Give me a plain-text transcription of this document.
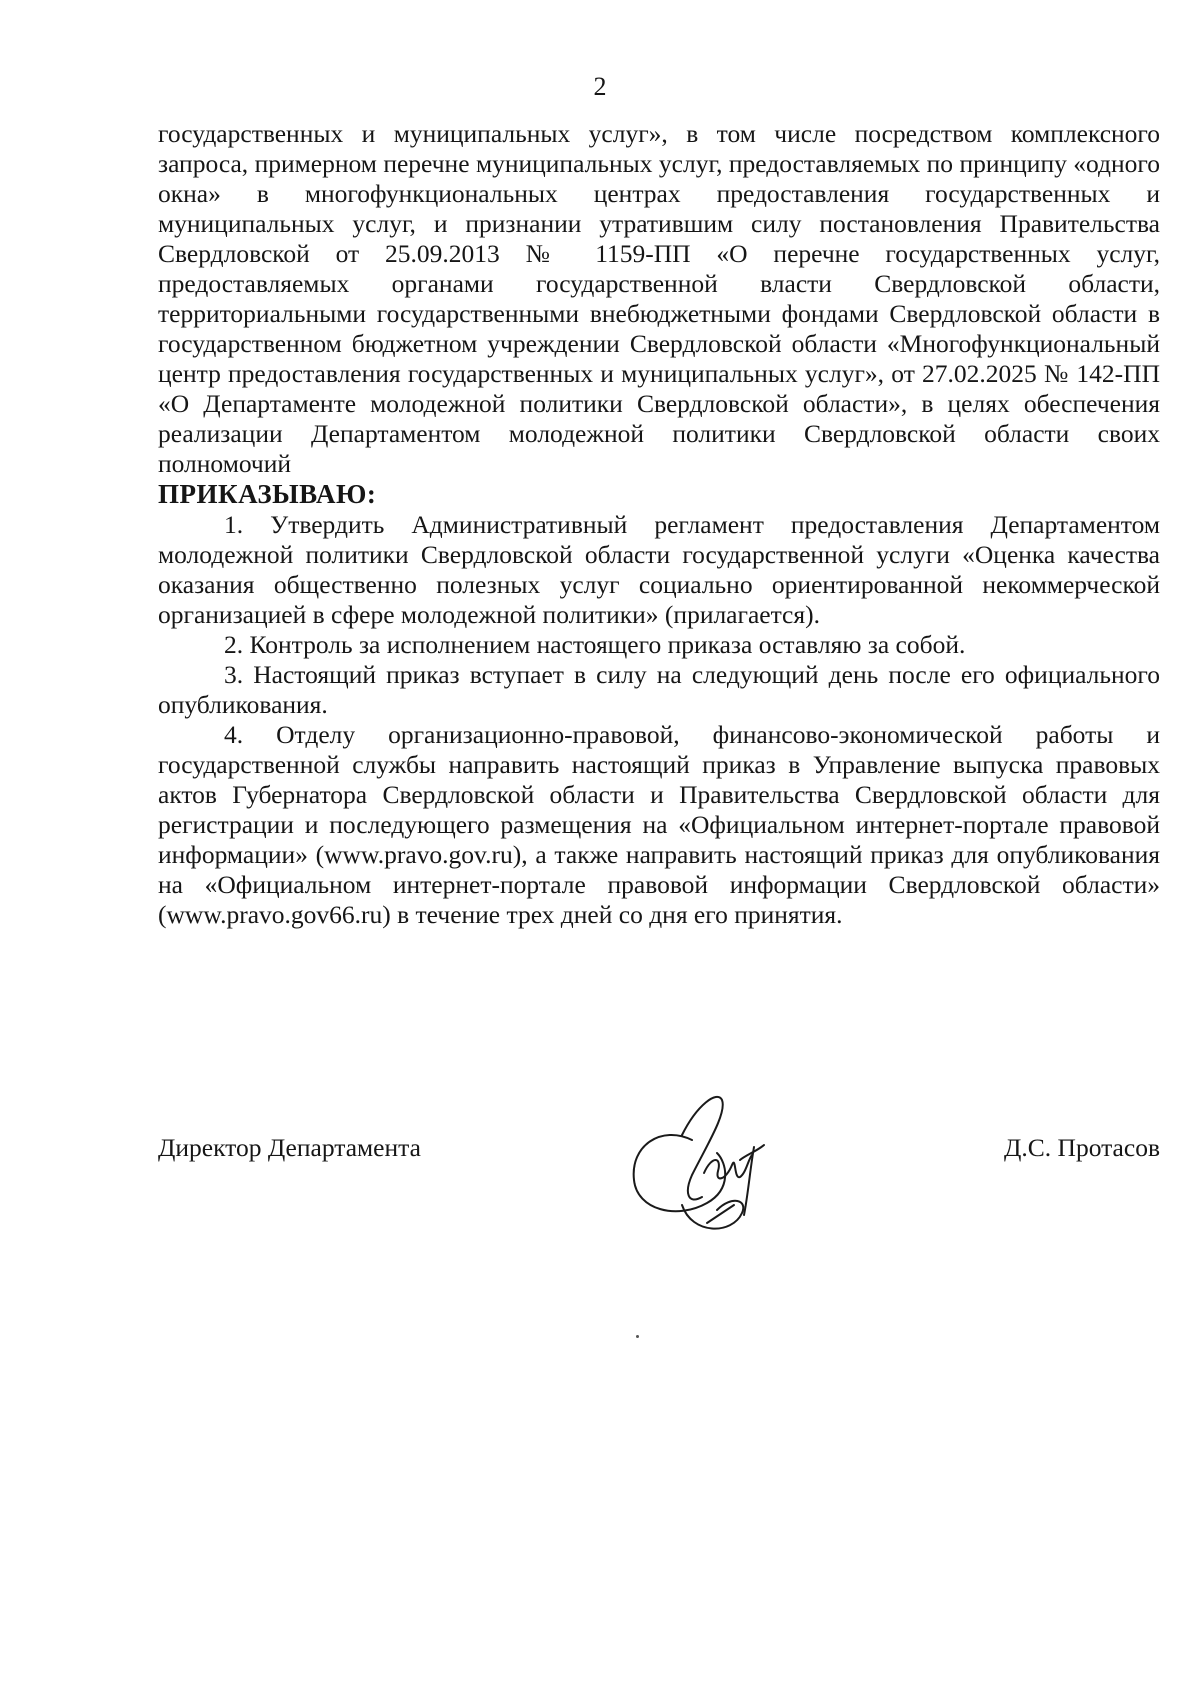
2

государственных и муниципальных услуг», в том числе посредством комплексного запроса, примерном перечне муниципальных услуг, предоставляемых по принципу «одного окна» в многофункциональных центрах предоставления государственных и муниципальных услуг, и признании утратившим силу постановления Правительства Свердловской от 25.09.2013 № 1159-ПП «О перечне государственных услуг, предоставляемых органами государственной власти Свердловской области, территориальными государственными внебюджетными фондами Свердловской области в государственном бюджетном учреждении Свердловской области «Многофункциональный центр предоставления государственных и муниципальных услуг», от 27.02.2025 № 142-ПП «О Департаменте молодежной политики Свердловской области», в целях обеспечения реализации Департаментом молодежной политики Свердловской области своих полномочий

ПРИКАЗЫВАЮ:

1. Утвердить Административный регламент предоставления Департаментом молодежной политики Свердловской области государственной услуги «Оценка качества оказания общественно полезных услуг социально ориентированной некоммерческой организацией в сфере молодежной политики» (прилагается).

2. Контроль за исполнением настоящего приказа оставляю за собой.

3. Настоящий приказ вступает в силу на следующий день после его официального опубликования.

4. Отделу организационно-правовой, финансово-экономической работы и государственной службы направить настоящий приказ в Управление выпуска правовых актов Губернатора Свердловской области и Правительства Свердловской области для регистрации и последующего размещения на «Официальном интернет-портале правовой информации» (www.pravo.gov.ru), а также направить настоящий приказ для опубликования на «Официальном интернет-портале правовой информации Свердловской области» (www.pravo.gov66.ru) в течение трех дней со дня его принятия.

Директор Департамента	Д.С. Протасов
